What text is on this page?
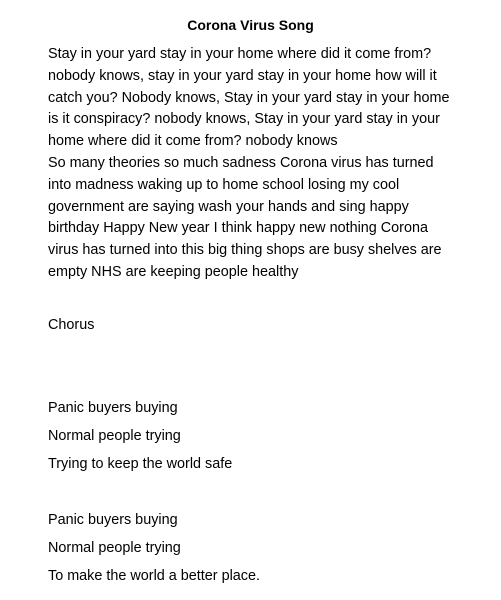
Corona Virus Song

Stay in your yard stay in your home where did it come from? nobody knows, stay in your yard stay in your home how will it catch you? Nobody knows, Stay in your yard stay in your home is it conspiracy? nobody knows, Stay in your yard stay in your home where did it come from? nobody knows

So many theories so much sadness Corona virus has turned into madness waking up to home school losing my cool government are saying wash your hands and sing happy birthday Happy New year I think happy new nothing Corona virus has turned into this big thing shops are busy shelves are empty NHS are keeping people healthy

Chorus

Panic buyers buying

Normal people trying

Trying to keep the world safe

Panic buyers buying

Normal people trying

To make the world a better place.
